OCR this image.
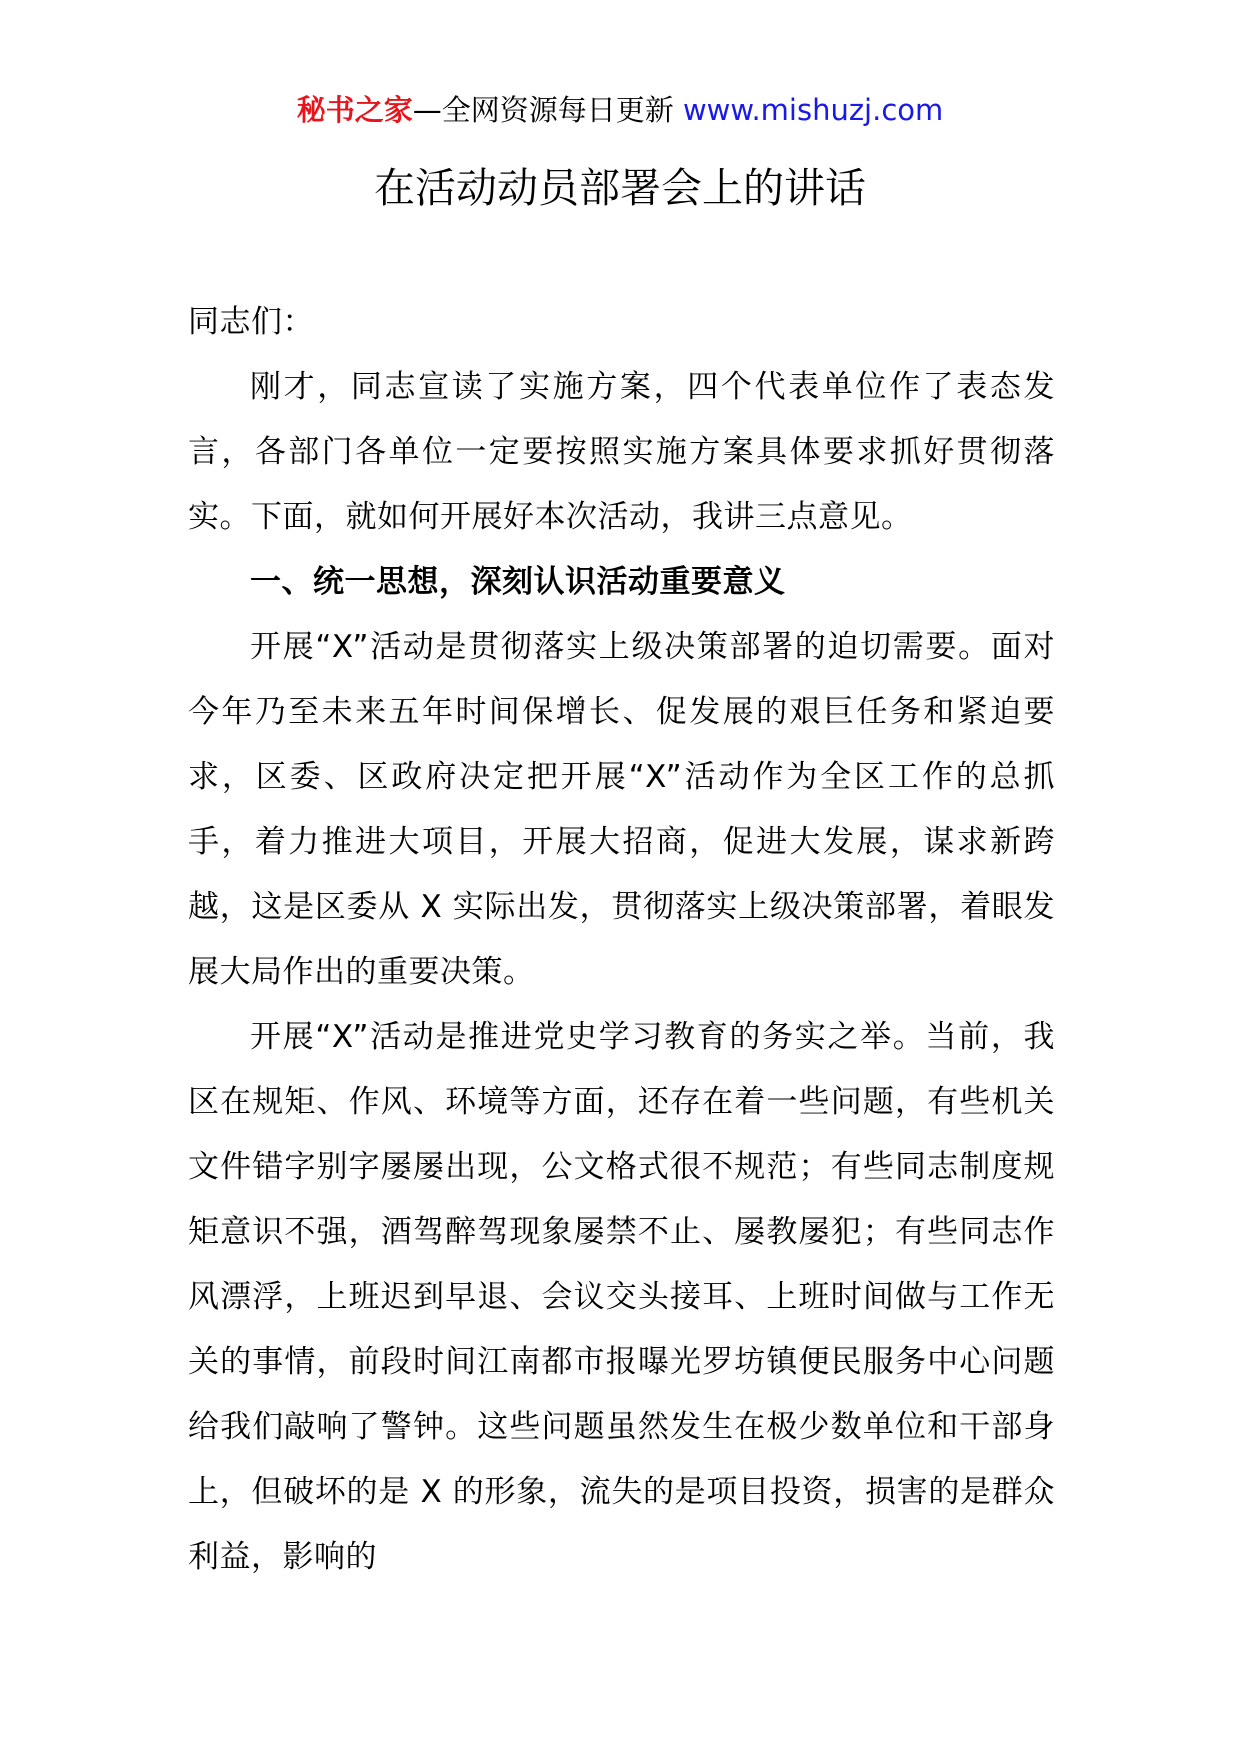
秘书之家—全网资源每日更新 www.mishuzj.com
在活动动员部署会上的讲话

同志们：

刚才，同志宣读了实施方案，四个代表单位作了表态发言，各部门各单位一定要按照实施方案具体要求抓好贯彻落实。下面，就如何开展好本次活动，我讲三点意见。

一、统一思想，深刻认识活动重要意义

开展“X”活动是贯彻落实上级决策部署的迫切需要。面对今年乃至未来五年时间保增长、促发展的艰巨任务和紧迫要求，区委、区政府决定把开展“X”活动作为全区工作的总抓手，着力推进大项目，开展大招商，促进大发展，谋求新跨越，这是区委从 X 实际出发，贯彻落实上级决策部署，着眼发展大局作出的重要决策。

开展“X”活动是推进党史学习教育的务实之举。当前，我区在规矩、作风、环境等方面，还存在着一些问题，有些机关文件错字别字屡屡出现，公文格式很不规范；有些同志制度规矩意识不强，酒驾醉驾现象屡禁不止、屡教屡犯；有些同志作风漂浮，上班迟到早退、会议交头接耳、上班时间做与工作无关的事情，前段时间江南都市报曝光罗坊镇便民服务中心问题给我们敲响了警钟。这些问题虽然发生在极少数单位和干部身上，但破坏的是 X 的形象，流失的是项目投资，损害的是群众利益，影响的
